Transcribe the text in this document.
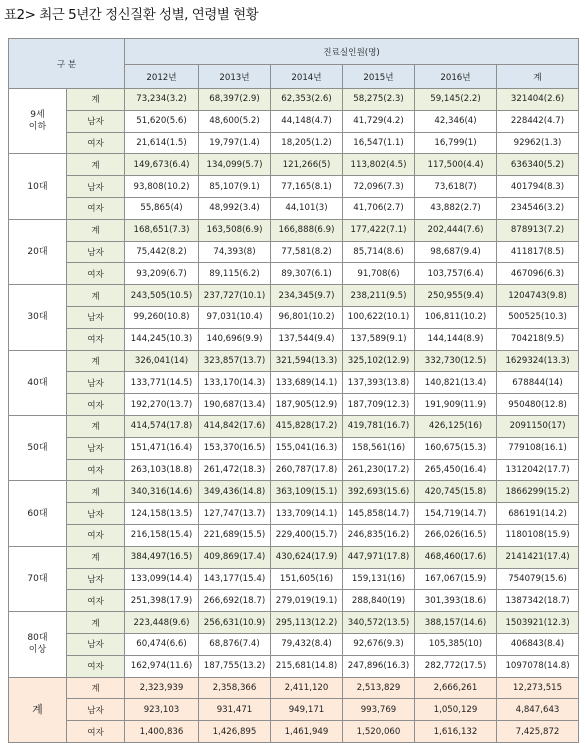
표2> 최근 5년간 정신질환 성별, 연령별 현황
구 분		진료실인원(명)					
		2012년	2013년	2014년	2015년	2016년	계
9세
이하	계	73,234(3.2)	68,397(2.9)	62,353(2.6)	58,275(2.3)	59,145(2.2)	321404(2.6)
	남자	51,620(5.6)	48,600(5.2)	44,148(4.7)	41,729(4.2)	42,346(4)	228442(4.7)
	여자	21,614(1.5)	19,797(1.4)	18,205(1.2)	16,547(1.1)	16,799(1)	92962(1.3)
10대	계	149,673(6.4)	134,099(5.7)	121,266(5)	113,802(4.5)	117,500(4.4)	636340(5.2)
	남자	93,808(10.2)	85,107(9.1)	77,165(8.1)	72,096(7.3)	73,618(7)	401794(8.3)
	여자	55,865(4)	48,992(3.4)	44,101(3)	41,706(2.7)	43,882(2.7)	234546(3.2)
20대	계	168,651(7.3)	163,508(6.9)	166,888(6.9)	177,422(7.1)	202,444(7.6)	878913(7.2)
	남자	75,442(8.2)	74,393(8)	77,581(8.2)	85,714(8.6)	98,687(9.4)	411817(8.5)
	여자	93,209(6.7)	89,115(6.2)	89,307(6.1)	91,708(6)	103,757(6.4)	467096(6.3)
30대	계	243,505(10.5)	237,727(10.1)	234,345(9.7)	238,211(9.5)	250,955(9.4)	1204743(9.8)
	남자	99,260(10.8)	97,031(10.4)	96,801(10.2)	100,622(10.1)	106,811(10.2)	500525(10.3)
	여자	144,245(10.3)	140,696(9.9)	137,544(9.4)	137,589(9.1)	144,144(8.9)	704218(9.5)
40대	계	326,041(14)	323,857(13.7)	321,594(13.3)	325,102(12.9)	332,730(12.5)	1629324(13.3)
	남자	133,771(14.5)	133,170(14.3)	133,689(14.1)	137,393(13.8)	140,821(13.4)	678844(14)
	여자	192,270(13.7)	190,687(13.4)	187,905(12.9)	187,709(12.3)	191,909(11.9)	950480(12.8)
50대	계	414,574(17.8)	414,842(17.6)	415,828(17.2)	419,781(16.7)	426,125(16)	2091150(17)
	남자	151,471(16.4)	153,370(16.5)	155,041(16.3)	158,561(16)	160,675(15.3)	779108(16.1)
	여자	263,103(18.8)	261,472(18.3)	260,787(17.8)	261,230(17.2)	265,450(16.4)	1312042(17.7)
60대	계	340,316(14.6)	349,436(14.8)	363,109(15.1)	392,693(15.6)	420,745(15.8)	1866299(15.2)
	남자	124,158(13.5)	127,747(13.7)	133,709(14.1)	145,858(14.7)	154,719(14.7)	686191(14.2)
	여자	216,158(15.4)	221,689(15.5)	229,400(15.7)	246,835(16.2)	266,026(16.5)	1180108(15.9)
70대	계	384,497(16.5)	409,869(17.4)	430,624(17.9)	447,971(17.8)	468,460(17.6)	2141421(17.4)
	남자	133,099(14.4)	143,177(15.4)	151,605(16)	159,131(16)	167,067(15.9)	754079(15.6)
	여자	251,398(17.9)	266,692(18.7)	279,019(19.1)	288,840(19)	301,393(18.6)	1387342(18.7)
80대
이상	계	223,448(9.6)	256,631(10.9)	295,113(12.2)	340,572(13.5)	388,157(14.6)	1503921(12.3)
	남자	60,474(6.6)	68,876(7.4)	79,432(8.4)	92,676(9.3)	105,385(10)	406843(8.4)
	여자	162,974(11.6)	187,755(13.2)	215,681(14.8)	247,896(16.3)	282,772(17.5)	1097078(14.8)
계	계	2,323,939	2,358,366	2,411,120	2,513,829	2,666,261	12,273,515
	남자	923,103	931,471	949,171	993,769	1,050,129	4,847,643
	여자	1,400,836	1,426,895	1,461,949	1,520,060	1,616,132	7,425,872
